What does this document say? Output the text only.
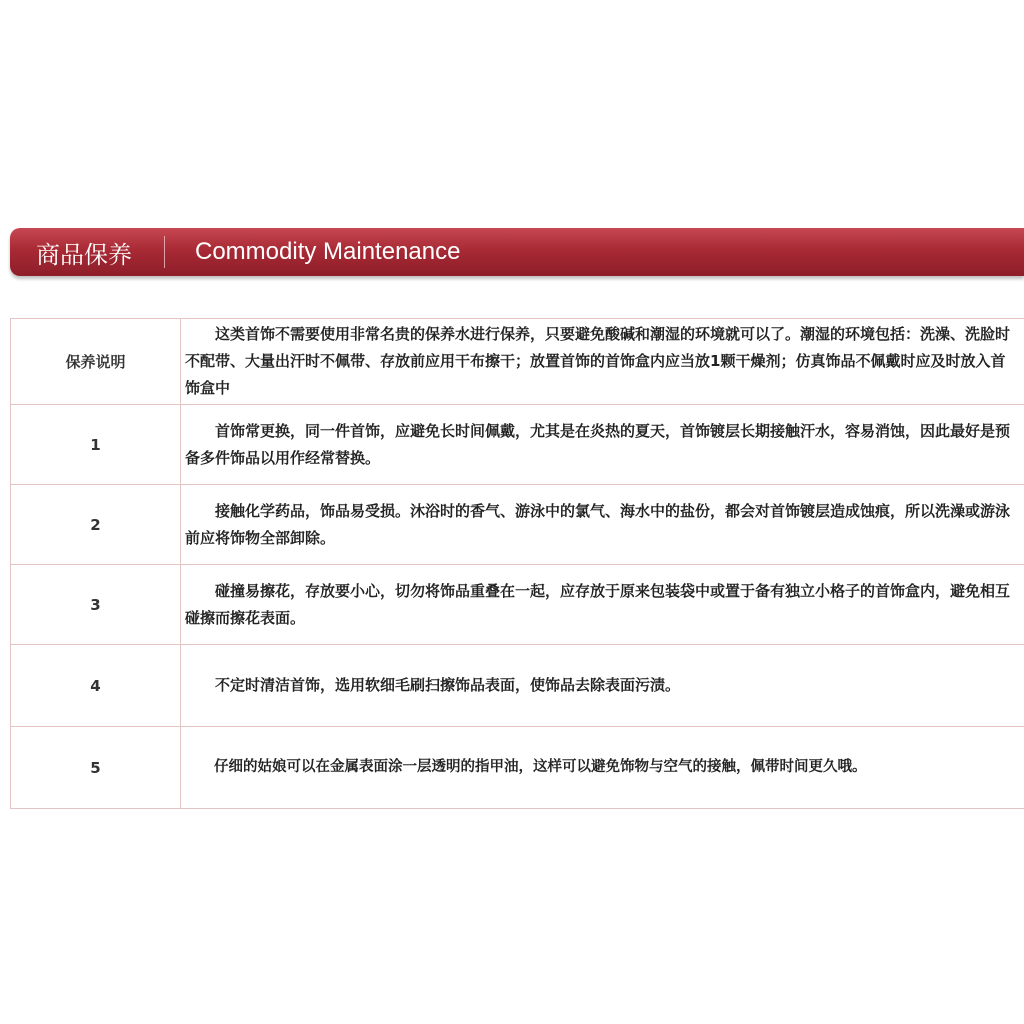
商品保养	Commodity Maintenance
保养说明	这类首饰不需要使用非常名贵的保养水进行保养，只要避免酸碱和潮湿的环境就可以了。潮湿的环境包括：洗澡、洗脸时不配带、大量出汗时不佩带、存放前应用干布擦干；放置首饰的首饰盒内应当放1颗干燥剂；仿真饰品不佩戴时应及时放入首饰盒中
1	首饰常更换，同一件首饰，应避免长时间佩戴，尤其是在炎热的夏天，首饰镀层长期接触汗水，容易消蚀，因此最好是预备多件饰品以用作经常替换。
2	接触化学药品，饰品易受损。沐浴时的香气、游泳中的氯气、海水中的盐份，都会对首饰镀层造成蚀痕，所以洗澡或游泳前应将饰物全部卸除。
3	碰撞易擦花，存放要小心，切勿将饰品重叠在一起，应存放于原来包装袋中或置于备有独立小格子的首饰盒内，避免相互碰擦而擦花表面。
4	不定时清洁首饰，选用软细毛刷扫擦饰品表面，使饰品去除表面污渍。
5	仔细的姑娘可以在金属表面涂一层透明的指甲油，这样可以避免饰物与空气的接触，佩带时间更久哦。
